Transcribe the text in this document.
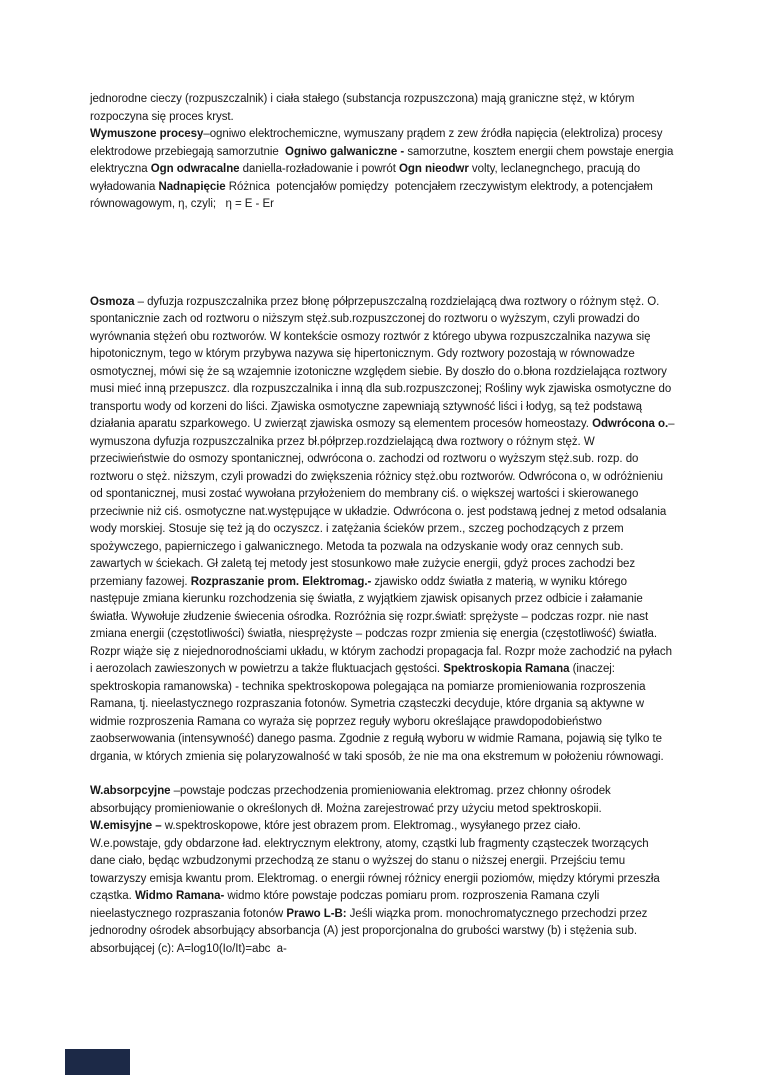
jednorodne cieczy (rozpuszczalnik) i ciała stałego (substancja rozpuszczona) mają graniczne stęż, w którym rozpoczyna się proces kryst.
Wymuszone procesy–ogniwo elektrochemiczne, wymuszany prądem z zew źródła napięcia (elektroliza) procesy elektrodowe przebiegają samorzutnie  Ogniwo galwaniczne - samorzutne, kosztem energii chem powstaje energia elektryczna Ogn odwracalne daniella-rozładowanie i powrót Ogn nieodwr volty, leclanegnchego, pracują do wyładowania Nadnapięcie Różnica  potencjałów pomiędzy  potencjałem rzeczywistym elektrody, a potencjałem równowagowym, η, czyli;   η = E - Er
Osmoza – dyfuzja rozpuszczalnika przez błonę półprzepuszczalną rozdzielającą dwa roztwory o różnym stęż. O. spontanicznie zach od roztworu o niższym stęż.sub.rozpuszczonej do roztworu o wyższym, czyli prowadzi do wyrównania stężeń obu roztworów. W kontekście osmozy roztwór z którego ubywa rozpuszczalnika nazywa się hipotonicznym, tego w którym przybywa nazywa się hipertonicznym. Gdy roztwory pozostają w równowadze osmotycznej, mówi się że są wzajemnie izotoniczne względem siebie. By doszło do o.błona rozdzielająca roztwory musi mieć inną przepuszcz. dla rozpuszczalnika i inną dla sub.rozpuszczonej; Rośliny wyk zjawiska osmotyczne do transportu wody od korzeni do liści. Zjawiska osmotyczne zapewniają sztywność liści i łodyg, są też podstawą działania aparatu szparkowego. U zwierząt zjawiska osmozy są elementem procesów homeostazy. Odwrócona o.– wymuszona dyfuzja rozpuszczalnika przez bł.półprzep.rozdzielającą dwa roztwory o różnym stęż. W przeciwieństwie do osmozy spontanicznej, odwrócona o. zachodzi od roztworu o wyższym stęż.sub. rozp. do roztworu o stęż. niższym, czyli prowadzi do zwiększenia różnicy stęż.obu roztworów. Odwrócona o, w odróżnieniu od spontanicznej, musi zostać wywołana przyłożeniem do membrany ciś. o większej wartości i skierowanego przeciwnie niż ciś. osmotyczne nat.występujące w układzie. Odwrócona o. jest podstawą jednej z metod odsalania wody morskiej. Stosuje się też ją do oczyszcz. i zatężania ścieków przem., szczeg pochodzących z przem spożywczego, papierniczego i galwanicznego. Metoda ta pozwala na odzyskanie wody oraz cennych sub. zawartych w ściekach. Gł zaletą tej metody jest stosunkowo małe zużycie energii, gdyż proces zachodzi bez przemiany fazowej. Rozpraszanie prom. Elektromag.- zjawisko oddz światła z materią, w wyniku którego następuje zmiana kierunku rozchodzenia się światła, z wyjątkiem zjawisk opisanych przez odbicie i załamanie światła. Wywołuje złudzenie świecenia ośrodka. Rozróżnia się rozpr.światł: sprężyste – podczas rozpr. nie nast zmiana energii (częstotliwości) światła, niesprężyste – podczas rozpr zmienia się energia (częstotliwość) światła. Rozpr wiąże się z niejednorodnościami układu, w którym zachodzi propagacja fal. Rozpr może zachodzić na pyłach i aerozolach zawieszonych w powietrzu a także fluktuacjach gęstości. Spektroskopia Ramana (inaczej: spektroskopia ramanowska) - technika spektroskopowa polegająca na pomiarze promieniowania rozproszenia Ramana, tj. nieelastycznego rozpraszania fotonów. Symetria cząsteczki decyduje, które drgania są aktywne w widmie rozproszenia Ramana co wyraża się poprzez reguły wyboru określające prawdopodobieństwo zaobserwowania (intensywność) danego pasma. Zgodnie z regułą wyboru w widmie Ramana, pojawią się tylko te drgania, w których zmienia się polaryzowalność w taki sposób, że nie ma ona ekstremum w położeniu równowagi.
W.absorpcyjne –powstaje podczas przechodzenia promieniowania elektromag. przez chłonny ośrodek absorbujący promieniowanie o określonych dł. Można zarejestrować przy użyciu metod spektroskopii.
W.emisyjne – w.spektroskopowe, które jest obrazem prom. Elektromag., wysyłanego przez ciało.
W.e.powstaje, gdy obdarzone ład. elektrycznym elektrony, atomy, cząstki lub fragmenty cząsteczek tworzących dane ciało, będąc wzbudzonymi przechodzą ze stanu o wyższej do stanu o niższej energii. Przejściu temu towarzyszy emisja kwantu prom. Elektromag. o energii równej różnicy energii poziomów, między którymi przeszła cząstka. Widmo Ramana- widmo które powstaje podczas pomiaru prom. rozproszenia Ramana czyli nieelastycznego rozpraszania fotonów Prawo L-B: Jeśli wiązka prom. monochromatycznego przechodzi przez jednorodny ośrodek absorbujący absorbancja (A) jest proporcjonalna do grubości warstwy (b) i stężenia sub. absorbującej (c): A=log10(Io/It)=abc  a-
